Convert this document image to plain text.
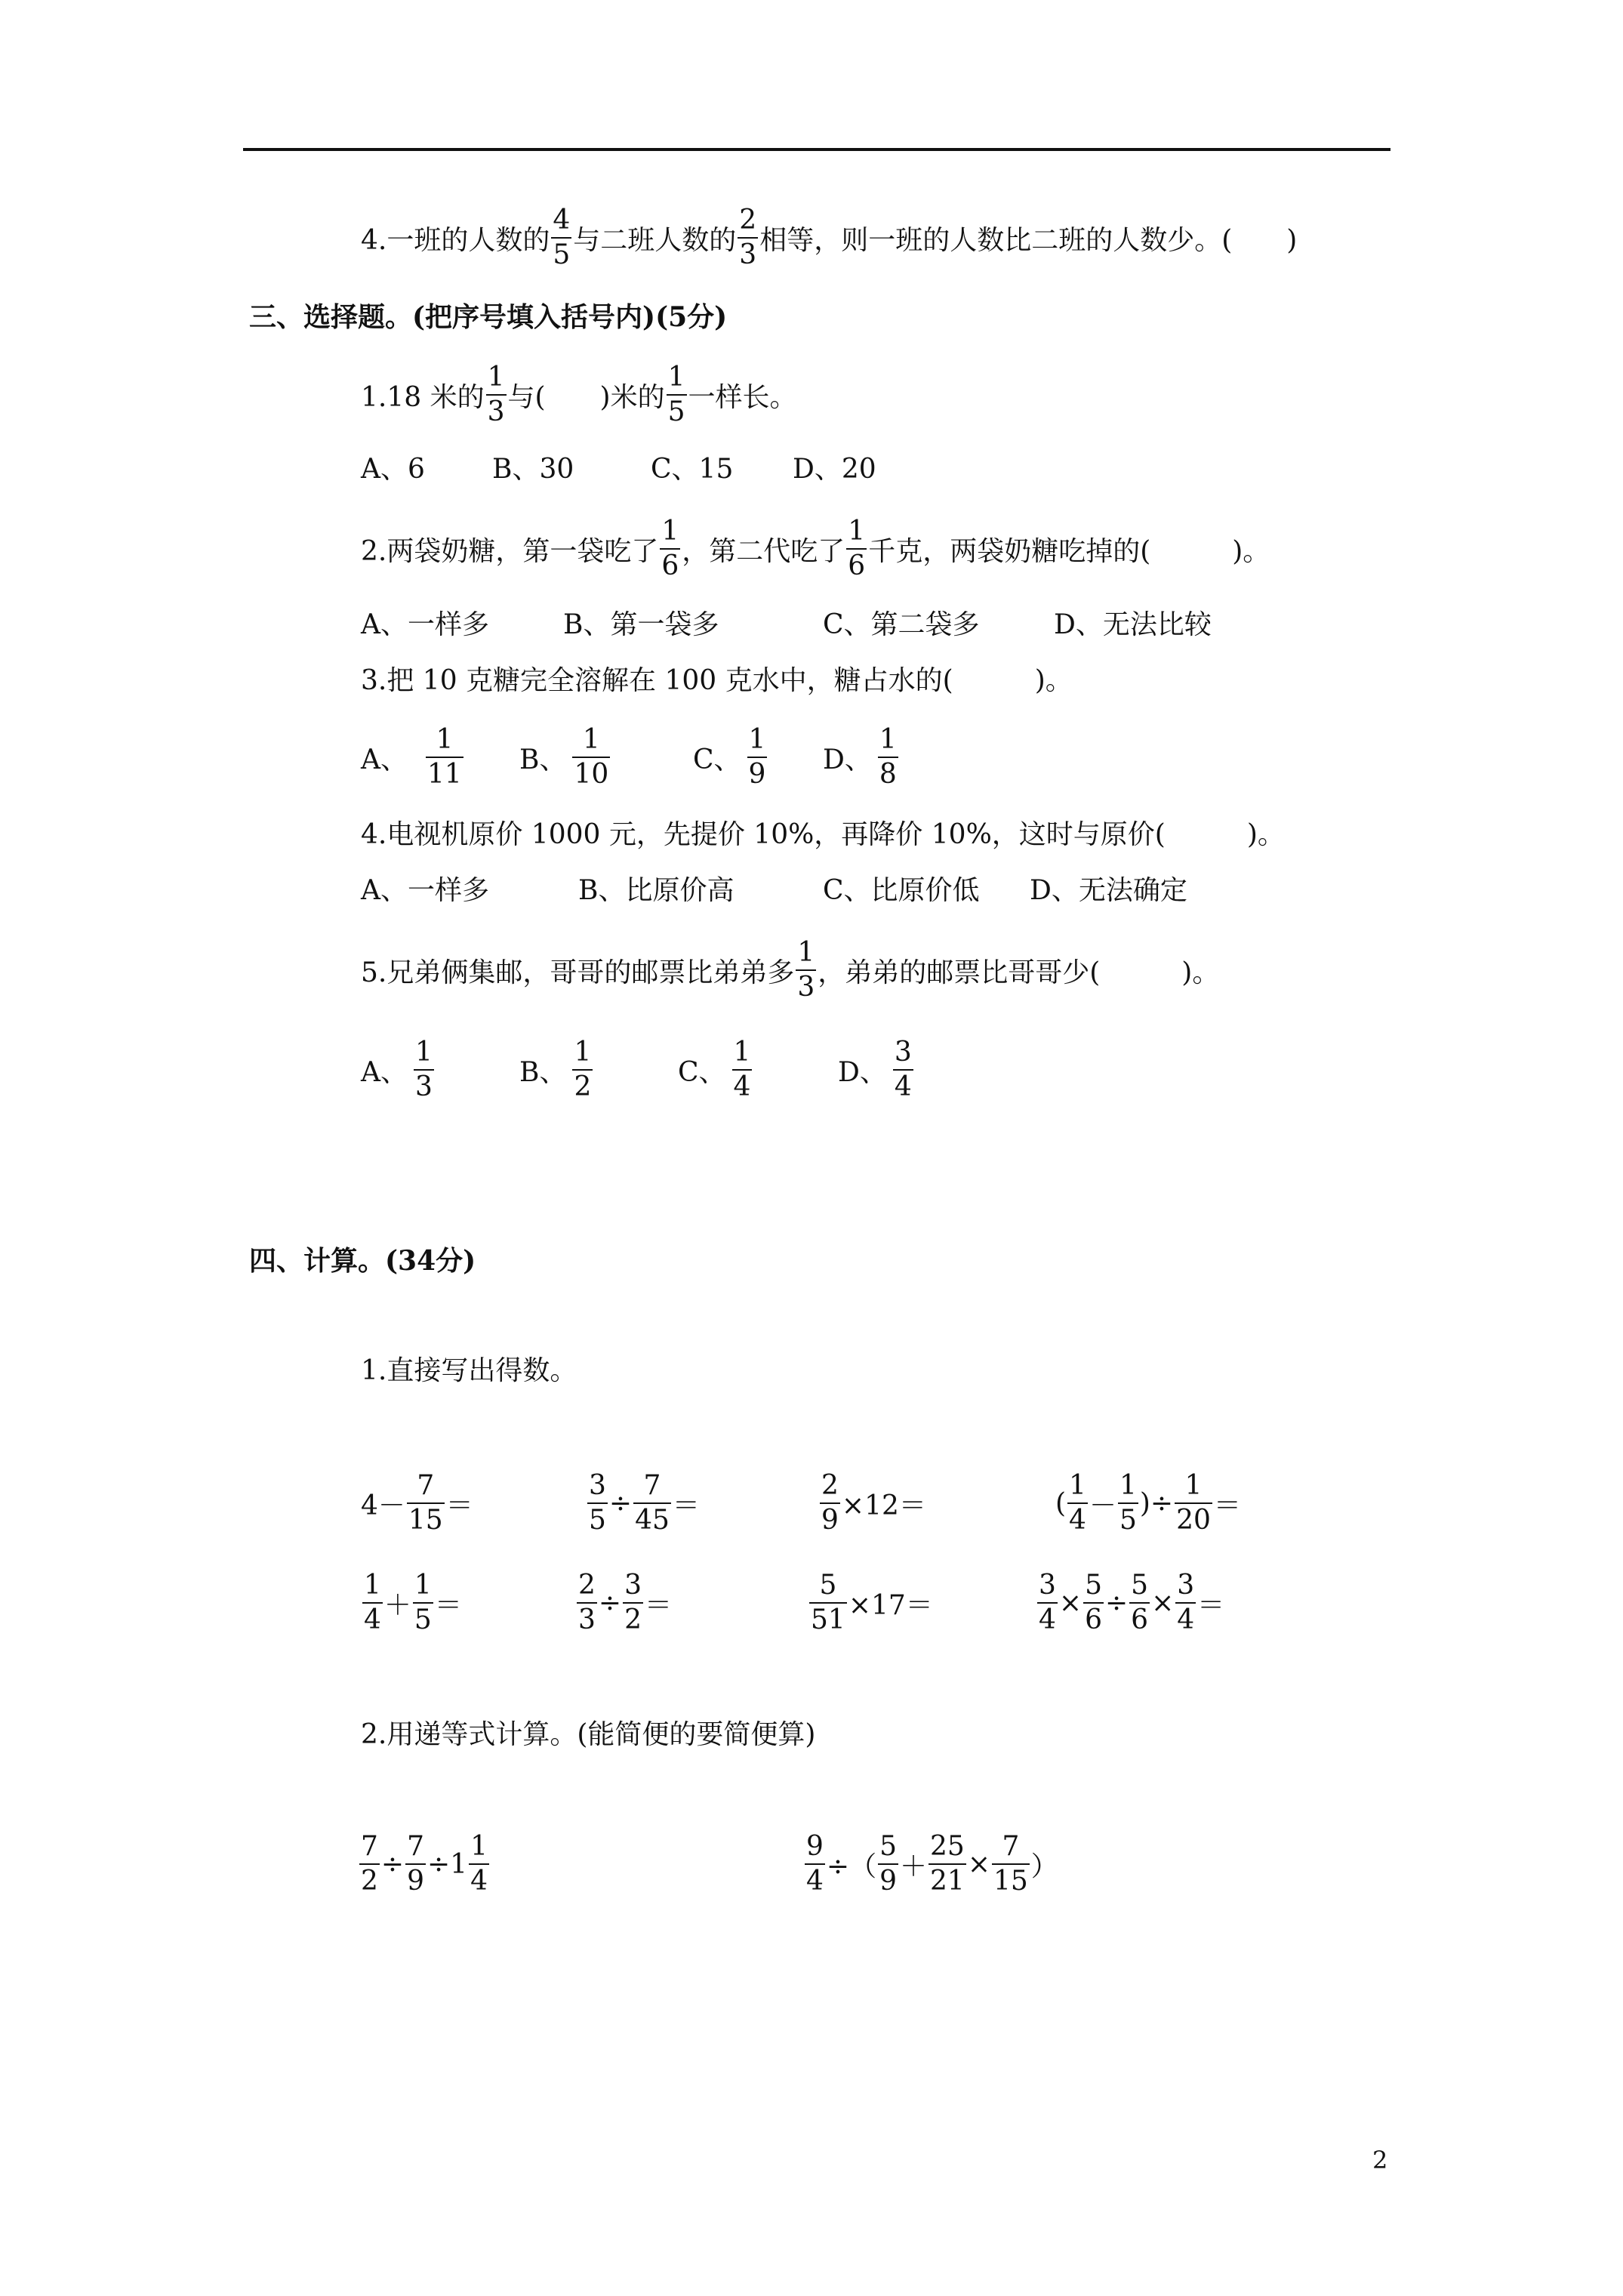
4.一班的人数的 $\frac{4}{5}$ 与二班人数的 $\frac{2}{3}$ 相等，则一班的人数比二班的人数少。(　　)
三、选择题。(把序号填入括号内)(5分)
1.18 米的 $\frac{1}{3}$ 与(　　)米的 $\frac{1}{5}$ 一样长。
A、6 B、30	C、15 D、20
2.两袋奶糖，第一袋吃了 $\frac{1}{6}$ ，第二代吃了 $\frac{1}{6}$ 千克，两袋奶糖吃掉的(　　　)。
A、一样多	B、第一袋多	C、第二袋多	D、无法比较
3.把 10 克糖完全溶解在 100 克水中，糖占水的(　　　)。
A、 $\frac{1}{11}$ B、 $\frac{1}{10}$	C、 $\frac{1}{9}$ D、 $\frac{1}{8}$
4.电视机原价 1000 元，先提价 10%，再降价 10%，这时与原价(　　　)。
A、一样多	B、比原价高	C、比原价低 D、无法确定
5.兄弟俩集邮，哥哥的邮票比弟弟多 $\frac{1}{3}$ ，弟弟的邮票比哥哥少(　　　)。
A、 $\frac{1}{3}$	B、 $\frac{1}{2}$	C、 $\frac{1}{4}$	D、 $\frac{3}{4}$
四、计算。(34分)
1.直接写出得数。
$4- \frac{7}{15}$ ＝	$\frac{3}{5} \div \frac{7}{45}$ ＝	$\frac{2}{9} \times 12=$	( $\frac{1}{4} - \frac{1}{5}$ )÷ $\frac{1}{20}$ ＝
$\frac{1}{4} + \frac{1}{5}$ ＝	$\frac{2}{3} \div \frac{3}{2}$ ＝	$\frac{5}{51} \times 17=$	$\frac{3}{4} \times \frac{5}{6} \div \frac{5}{6} \times \frac{3}{4}$ ＝
2.用递等式计算。(能简便的要简便算)
$\frac{7}{2} \div \frac{7}{9} \div 1 \frac{1}{4}$	$\frac{9}{4}$ ÷（ $\frac{5}{9} + \frac{25}{21} \times \frac{7}{15}$ ）
2
